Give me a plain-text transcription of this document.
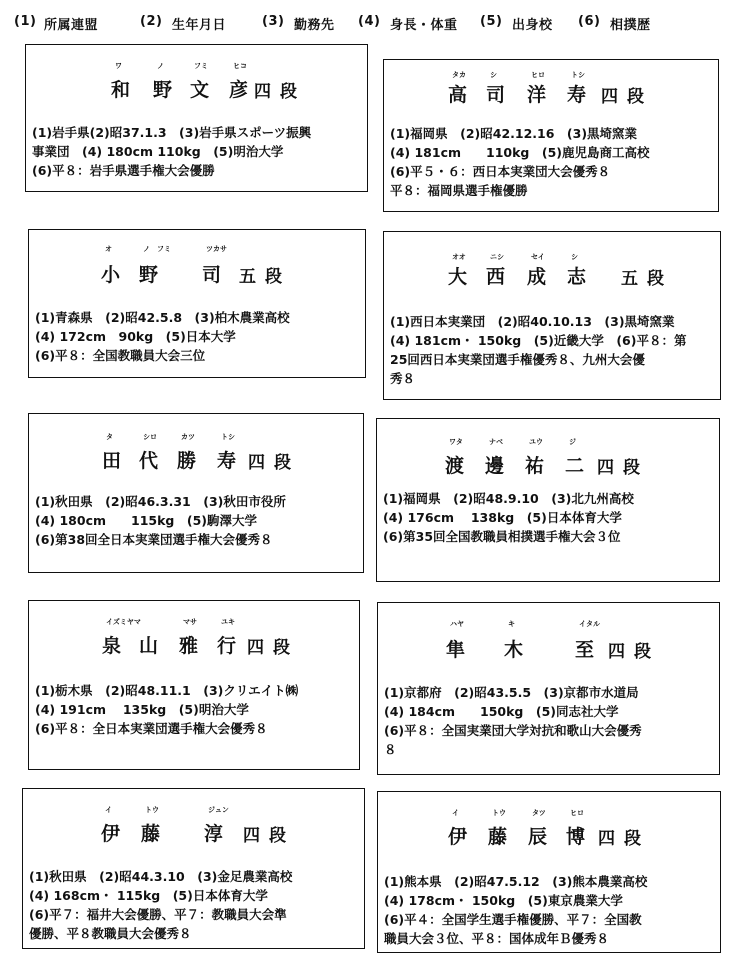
(1) 所属連盟	(2) 生年月日	(3) 勤務先 (4) 身長・体重 (5) 出身校 (6) 相撲歴
和
ワ
野
ノ
文
フミ
彦
ヒコ
四段
(1)岩手県(2)昭37.1.3　(3)岩手県スポーツ振興
事業団　(4) 180cm 110kg　(5)明治大学
(6)平８：岩手県選手権大会優勝
高
タカ
司
シ
洋
ヒロ
寿
トシ
四段
(1)福岡県　(2)昭42.12.16　(3)黒埼窯業
(4) 181cm　　110kg　(5)鹿児島商工高校
(6)平５・６：西日本実業団大会優秀８
平８：福岡県選手権優勝
小
オ
野
ノ フミ
司
ツカサ
五段
(1)青森県　(2)昭42.5.8　(3)柏木農業高校
(4) 172cm　90kg　(5)日本大学
(6)平８：全国教職員大会三位
大
オオ
西
ニシ
成
セイ
志
シ
五段
(1)西日本実業団　(2)昭40.10.13　(3)黒埼窯業
(4) 181cm・ 150kg　(5)近畿大学　(6)平８：第
25回西日本実業団選手権優秀８、九州大会優
秀８
田
タ
代
シロ
勝
カツ
寿
トシ
四段
(1)秋田県　(2)昭46.3.31　(3)秋田市役所
(4) 180cm　　115kg　(5)駒澤大学
(6)第38回全日本実業団選手権大会優秀８
渡
ワタ
邊
ナベ
祐
ユウ
二
ジ
四段
(1)福岡県　(2)昭48.9.10　(3)北九州高校
(4) 176cm　 138kg　(5)日本体育大学
(6)第35回全国教職員相撲選手権大会３位
泉
イズミヤマ
山 雅
マサ
行
ユキ
四段
(1)栃木県　(2)昭48.11.1　(3)クリエイト㈱
(4) 191cm　 135kg　(5)明治大学
(6)平８：全日本実業団選手権大会優秀８
隼
ハヤ
木
キ
至
イタル
四段
(1)京都府　(2)昭43.5.5　(3)京都市水道局
(4) 184cm　　150kg　(5)同志社大学
(6)平８：全国実業団大学対抗和歌山大会優秀
８
伊
イ
藤
トウ
淳
ジュン
四段
(1)秋田県　(2)昭44.3.10　(3)金足農業高校
(4) 168cm・ 115kg　(5)日本体育大学
(6)平７：福井大会優勝、平７：教職員大会準
優勝、平８教職員大会優秀８
伊
イ
藤
トウ
辰
タツ
博
ヒロ
四段
(1)熊本県　(2)昭47.5.12　(3)熊本農業高校
(4) 178cm・ 150kg　(5)東京農業大学
(6)平４：全国学生選手権優勝、平７：全国教
職員大会３位、平８：国体成年Ｂ優秀８
